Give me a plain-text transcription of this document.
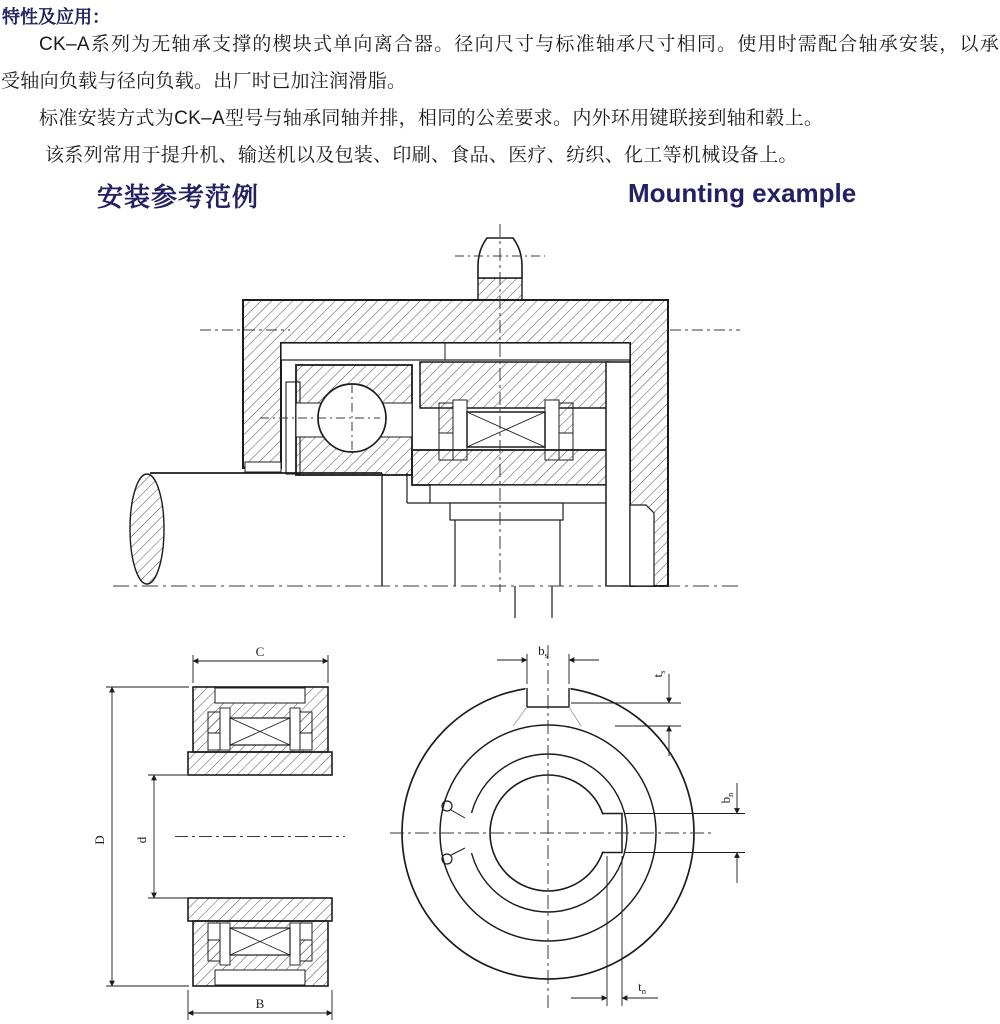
特性及应用：
CK–A系列为无轴承支撑的楔块式单向离合器。径向尺寸与标准轴承尺寸相同。使用时需配合轴承安装，以承
受轴向负载与径向负载。出厂时已加注润滑脂。
标准安装方式为CK–A型号与轴承同轴并排，相同的公差要求。内外环用键联接到轴和毂上。
该系列常用于提升机、输送机以及包装、印刷、食品、医疗、纺织、化工等机械设备上。
安装参考范例	Mounting example
C
B
D d
$b_s$
$t_s$
$b_n$
$t_n$
